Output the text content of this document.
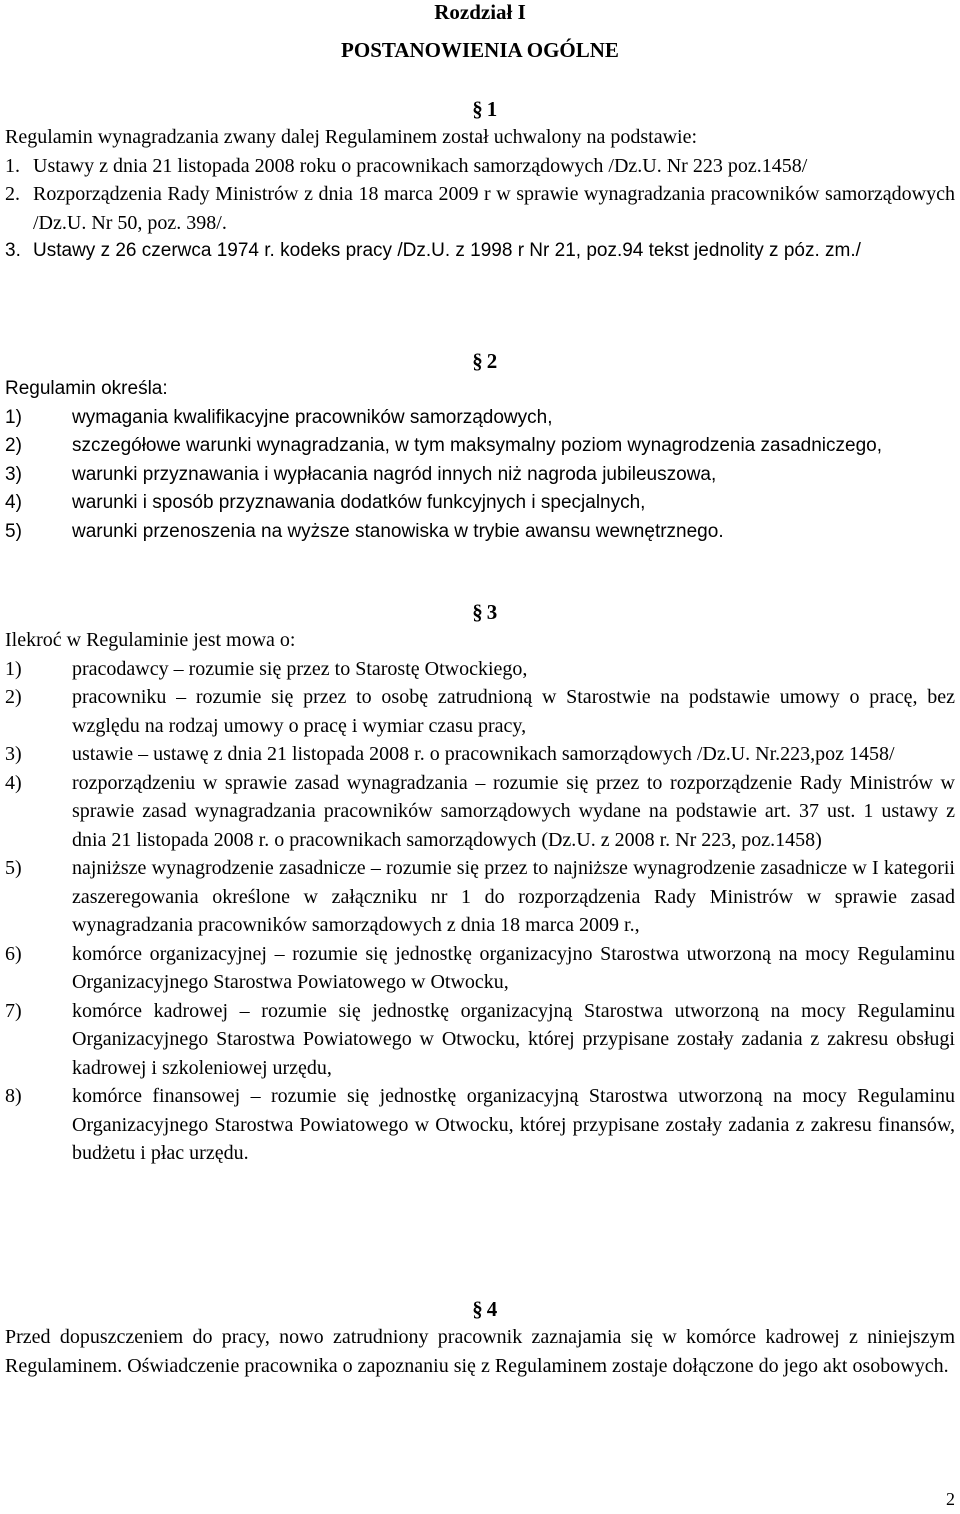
Rozdział I
POSTANOWIENIA OGÓLNE
§ 1
Regulamin wynagradzania zwany dalej Regulaminem został uchwalony na podstawie:
1. Ustawy z dnia 21 listopada 2008 roku o pracownikach samorządowych /Dz.U. Nr 223 poz.1458/
2. Rozporządzenia Rady Ministrów z dnia 18 marca 2009 r w sprawie wynagradzania pracowników samorządowych /Dz.U. Nr 50, poz. 398/.
3. Ustawy z 26 czerwca 1974 r. kodeks pracy /Dz.U. z 1998 r Nr 21, poz.94 tekst jednolity z póz. zm./
§ 2
Regulamin określa:
1)	wymagania kwalifikacyjne pracowników samorządowych,
2)	szczegółowe warunki wynagradzania, w tym maksymalny poziom wynagrodzenia zasadniczego,
3)	warunki przyznawania i wypłacania nagród innych niż nagroda jubileuszowa,
4)	warunki i sposób przyznawania dodatków funkcyjnych i specjalnych,
5)	warunki przenoszenia na wyższe stanowiska w trybie awansu wewnętrznego.
§ 3
Ilekroć w Regulaminie jest mowa o:
1)	pracodawcy – rozumie się przez to Starostę Otwockiego,
2)	pracowniku – rozumie się przez to osobę zatrudnioną w Starostwie na podstawie umowy o pracę, bez względu na rodzaj umowy o pracę i wymiar czasu pracy,
3)	ustawie – ustawę z dnia 21 listopada 2008 r. o pracownikach samorządowych /Dz.U. Nr.223,poz 1458/
4)	rozporządzeniu w sprawie zasad wynagradzania – rozumie się przez to rozporządzenie Rady Ministrów w sprawie zasad wynagradzania pracowników samorządowych wydane na podstawie art. 37 ust. 1 ustawy z dnia 21 listopada 2008 r. o pracownikach samorządowych (Dz.U. z 2008 r. Nr 223, poz.1458)
5)	najniższe wynagrodzenie zasadnicze – rozumie się przez to najniższe wynagrodzenie zasadnicze w I kategorii zaszeregowania określone w załączniku nr 1 do rozporządzenia Rady Ministrów w sprawie zasad wynagradzania pracowników samorządowych z dnia 18 marca 2009 r.,
6)	komórce organizacyjnej – rozumie się jednostkę organizacyjno Starostwa utworzoną na mocy Regulaminu Organizacyjnego Starostwa Powiatowego w Otwocku,
7)	komórce kadrowej – rozumie się jednostkę organizacyjną Starostwa utworzoną na mocy Regulaminu Organizacyjnego Starostwa Powiatowego w Otwocku, której przypisane zostały zadania z zakresu obsługi kadrowej i szkoleniowej urzędu,
8)	komórce finansowej – rozumie się jednostkę organizacyjną Starostwa utworzoną na mocy Regulaminu Organizacyjnego Starostwa Powiatowego w Otwocku, której przypisane zostały zadania z zakresu finansów, budżetu i płac urzędu.
§ 4
Przed dopuszczeniem do pracy, nowo zatrudniony pracownik zaznajamia się w komórce kadrowej z niniejszym Regulaminem. Oświadczenie pracownika o zapoznaniu się z Regulaminem zostaje dołączone do jego akt osobowych.
2
